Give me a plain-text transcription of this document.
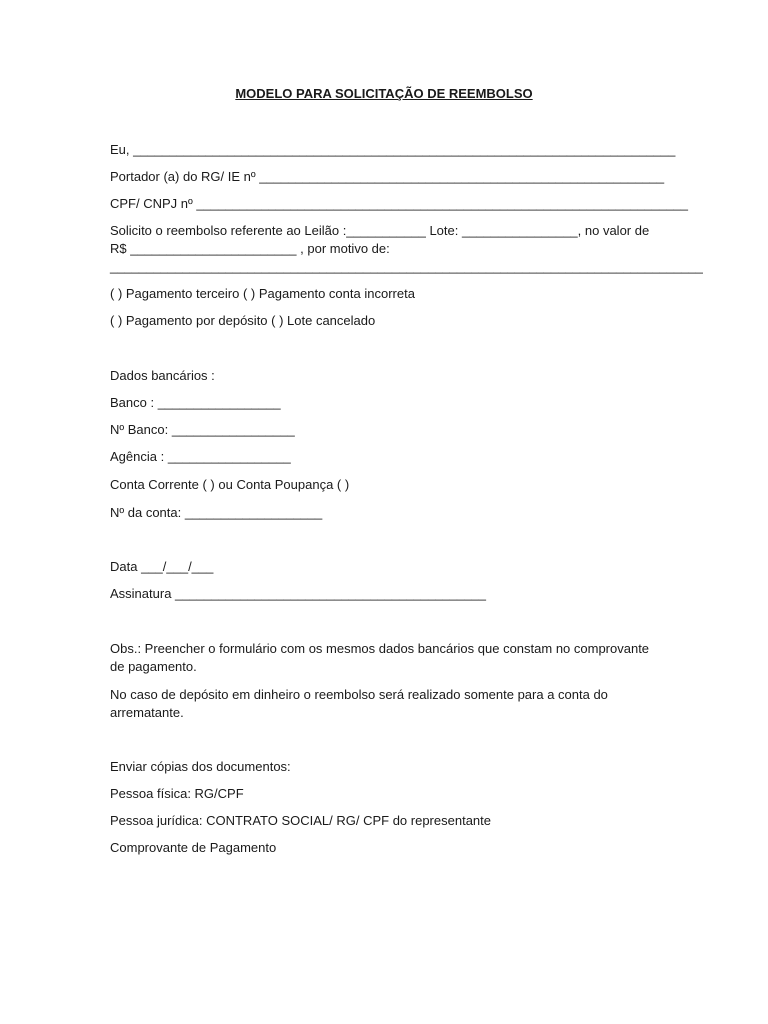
MODELO PARA SOLICITAÇÃO DE REEMBOLSO
Eu, ___________________________________________________________________________
Portador (a) do RG/ IE nº ________________________________________________________
CPF/ CNPJ nº ____________________________________________________________________
Solicito o reembolso referente ao Leilão :___________ Lote: ________________, no valor de
R$ _______________________ , por motivo de:
__________________________________________________________________________________
( ) Pagamento terceiro ( ) Pagamento conta incorreta
( ) Pagamento por depósito ( ) Lote cancelado
Dados bancários :
Banco : _________________
Nº Banco: _________________
Agência : _________________
Conta Corrente ( ) ou Conta Poupança ( )
Nº da conta: ___________________
Data ___/___/___
Assinatura ___________________________________________
Obs.: Preencher o formulário com os mesmos dados bancários que constam no comprovante
de pagamento.
No caso de depósito em dinheiro o reembolso será realizado somente para a conta do
arrematante.
Enviar cópias dos documentos:
Pessoa física: RG/CPF
Pessoa jurídica: CONTRATO SOCIAL/ RG/ CPF do representante
Comprovante de Pagamento
